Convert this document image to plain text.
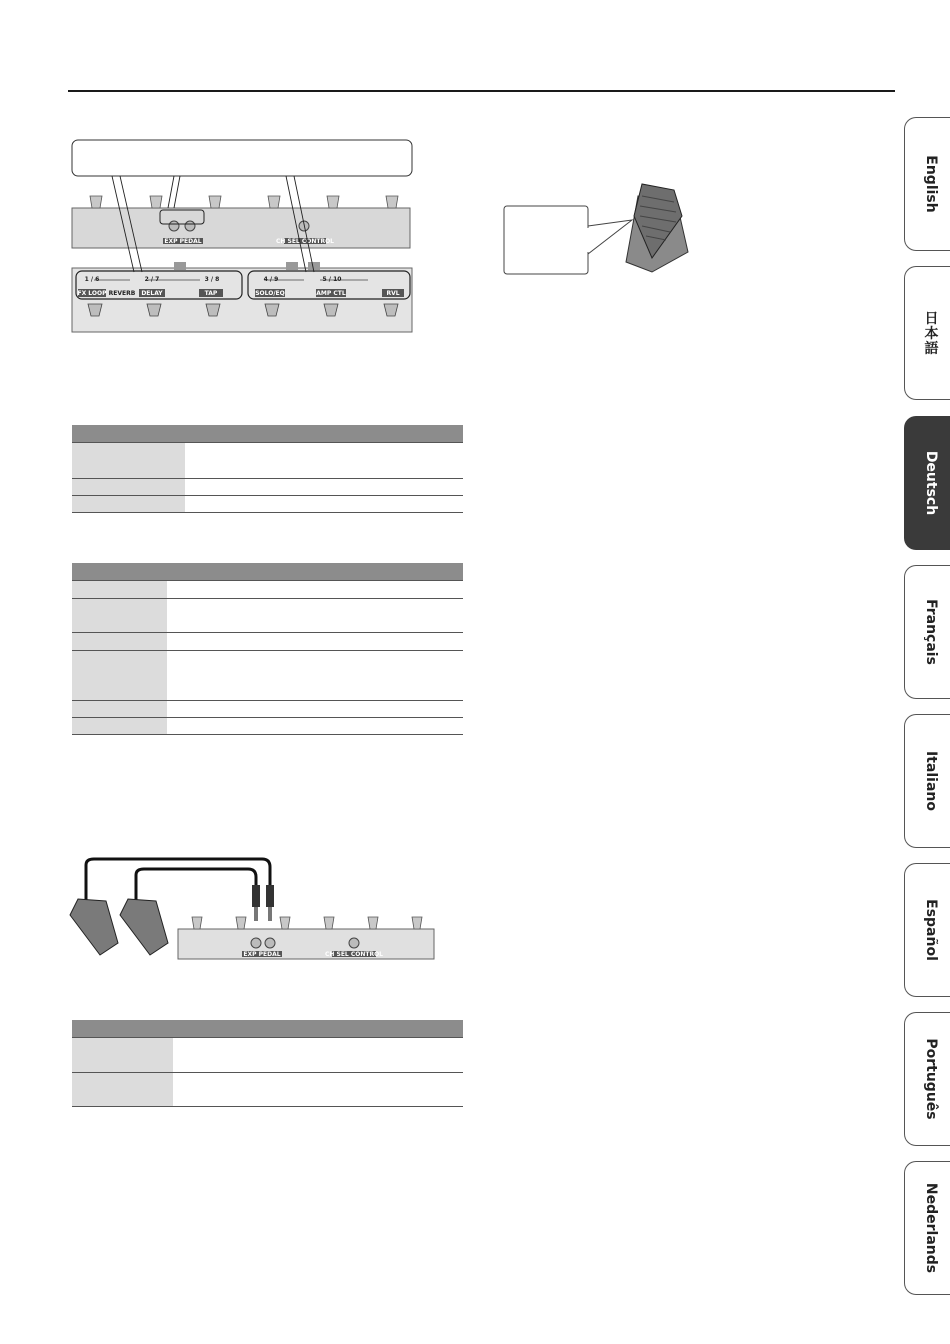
EXP PEDAL	CH SEL CONTROL
1 / 6	2 / 7	3 / 8	4 / 9	5 / 10
FX LOOP REVERB DELAY	TAP	SOLO/EQ	AMP CTL	RVL

EXP PEDAL	CH SEL CONTROL

English
日本語
Deutsch
Français
Italiano
Español
Português
Nederlands
